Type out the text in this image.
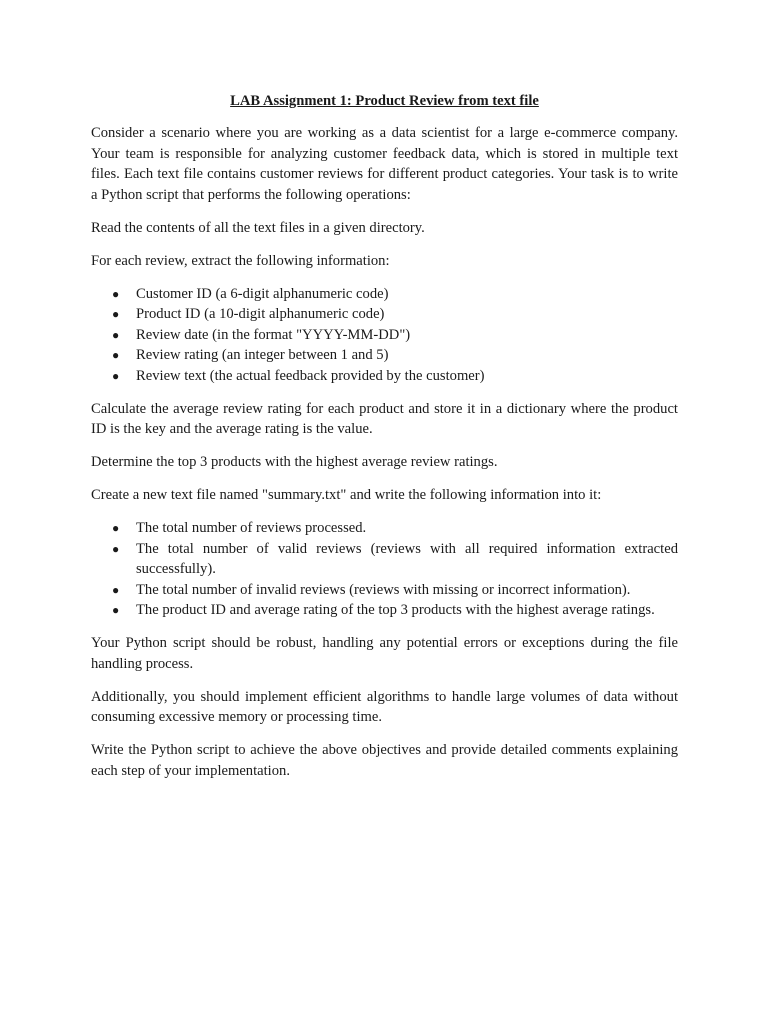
LAB Assignment 1: Product Review from text file

Consider a scenario where you are working as a data scientist for a large e-commerce company. Your team is responsible for analyzing customer feedback data, which is stored in multiple text files. Each text file contains customer reviews for different product categories. Your task is to write a Python script that performs the following operations:

Read the contents of all the text files in a given directory.

For each review, extract the following information:

● Customer ID (a 6-digit alphanumeric code)
● Product ID (a 10-digit alphanumeric code)
● Review date (in the format "YYYY-MM-DD")
● Review rating (an integer between 1 and 5)
● Review text (the actual feedback provided by the customer)

Calculate the average review rating for each product and store it in a dictionary where the product ID is the key and the average rating is the value.

Determine the top 3 products with the highest average review ratings.

Create a new text file named "summary.txt" and write the following information into it:

● The total number of reviews processed.
● The total number of valid reviews (reviews with all required information extracted successfully).
● The total number of invalid reviews (reviews with missing or incorrect information).
● The product ID and average rating of the top 3 products with the highest average ratings.

Your Python script should be robust, handling any potential errors or exceptions during the file handling process.

Additionally, you should implement efficient algorithms to handle large volumes of data without consuming excessive memory or processing time.

Write the Python script to achieve the above objectives and provide detailed comments explaining each step of your implementation.
